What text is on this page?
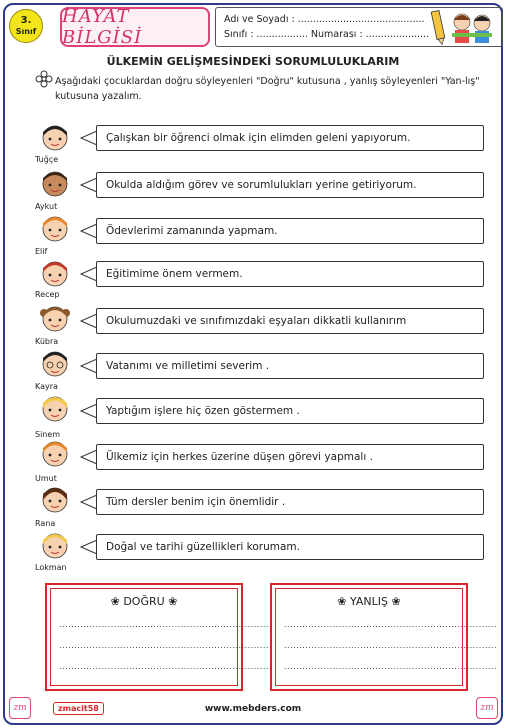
3.
Sınıf
HAYAT BİLGİSİ
Adı ve Soyadı : ..........................................
Sınıfı : ................. Numarası : .....................
ÜLKEMİN GELİŞMESİNDEKİ SORUMLULUKLARIM
Aşağıdaki çocuklardan doğru söyleyenleri "Doğru" kutusuna , yanlış söyleyenleri "Yan-lış" kutusuna yazalım.
Tuğçe
Çalışkan bir öğrenci olmak için elimden geleni yapıyorum.
Aykut
Okulda aldığım görev ve sorumlulukları yerine getiriyorum.
Elif
Ödevlerimi zamanında yapmam.
Recep
Eğitimime önem vermem.
Kübra
Okulumuzdaki ve sınıfımızdaki eşyaları dikkatli kullanırım
Kayra
Vatanımı ve milletimi severim .
Sinem
Yaptığım işlere hiç özen göstermem .
Umut
Ülkemiz için herkes üzerine düşen görevi yapmalı .
Rana
Tüm dersler benim için önemlidir .
Lokman
Doğal ve tarihi güzellikleri korumam.
❀ DOĞRU ❀
......................................................................
......................................................................
......................................................................
❀ YANLIŞ ❀
......................................................................
......................................................................
......................................................................
zm	zmacit58	www.mebders.com	zm
